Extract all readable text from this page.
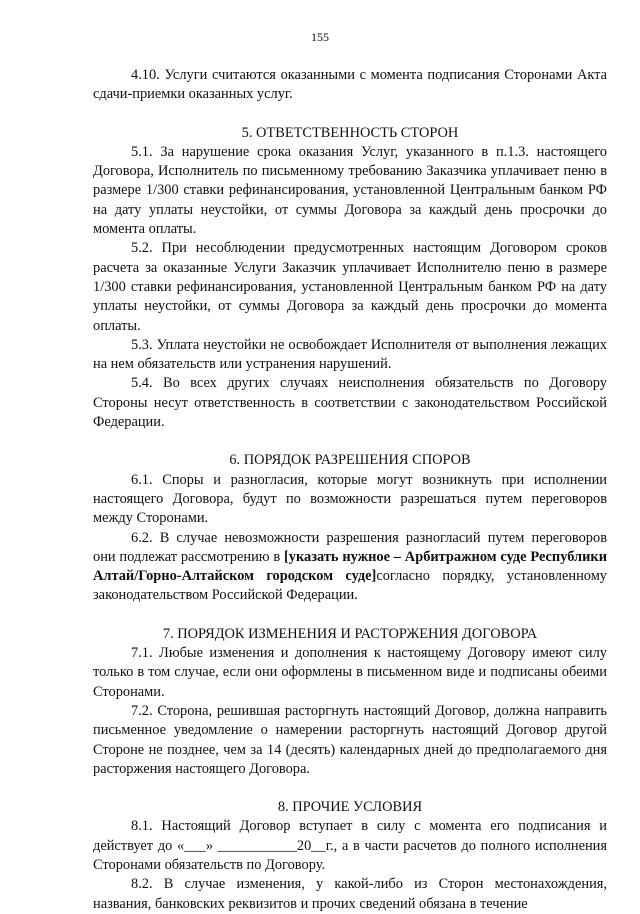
155

4.10. Услуги считаются оказанными с момента подписания Сторонами Акта сдачи-приемки оказанных услуг.

5. ОТВЕТСТВЕННОСТЬ СТОРОН

5.1. За нарушение срока оказания Услуг, указанного в п.1.3. настоящего Договора, Исполнитель по письменному требованию Заказчика уплачивает пеню в размере 1/300 ставки рефинансирования, установленной Центральным банком РФ на дату уплаты неустойки, от суммы Договора за каждый день просрочки до момента оплаты.

5.2. При несоблюдении предусмотренных настоящим Договором сроков расчета за оказанные Услуги Заказчик уплачивает Исполнителю пеню в размере 1/300 ставки рефинансирования, установленной Центральным банком РФ на дату уплаты неустойки, от суммы Договора за каждый день просрочки до момента оплаты.

5.3. Уплата неустойки не освобождает Исполнителя от выполнения лежащих на нем обязательств или устранения нарушений.

5.4. Во всех других случаях неисполнения обязательств по Договору Стороны несут ответственность в соответствии с законодательством Российской Федерации.

6. ПОРЯДОК РАЗРЕШЕНИЯ СПОРОВ

6.1. Споры и разногласия, которые могут возникнуть при исполнении настоящего Договора, будут по возможности разрешаться путем переговоров между Сторонами.

6.2. В случае невозможности разрешения разногласий путем переговоров они подлежат рассмотрению в [указать нужное – Арбитражном суде Республики Алтай/Горно-Алтайском городском суде]согласно порядку, установленному законодательством Российской Федерации.

7. ПОРЯДОК ИЗМЕНЕНИЯ И РАСТОРЖЕНИЯ ДОГОВОРА

7.1. Любые изменения и дополнения к настоящему Договору имеют силу только в том случае, если они оформлены в письменном виде и подписаны обеими Сторонами.

7.2. Сторона, решившая расторгнуть настоящий Договор, должна направить письменное уведомление о намерении расторгнуть настоящий Договор другой Стороне не позднее, чем за 14 (десять) календарных дней до предполагаемого дня расторжения настоящего Договора.

8. ПРОЧИЕ УСЛОВИЯ

8.1. Настоящий Договор вступает в силу с момента его подписания и действует до «___» ___________20__г., а в части расчетов до полного исполнения Сторонами обязательств по Договору.

8.2. В случае изменения, у какой-либо из Сторон местонахождения, названия, банковских реквизитов и прочих сведений обязана в течение
